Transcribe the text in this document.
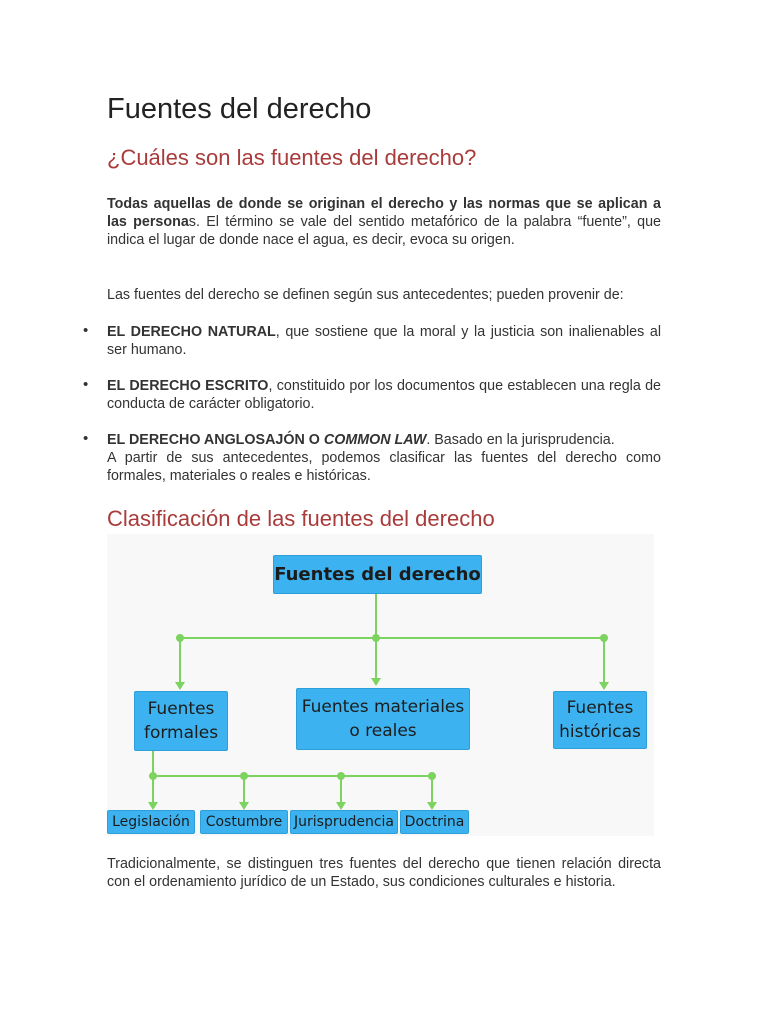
Fuentes del derecho
¿Cuáles son las fuentes del derecho?

Todas aquellas de donde se originan el derecho y las normas que se aplican a las personas. El término se vale del sentido metafórico de la palabra “fuente”, que indica el lugar de donde nace el agua, es decir, evoca su origen.

Las fuentes del derecho se definen según sus antecedentes; pueden provenir de:

• EL DERECHO NATURAL, que sostiene que la moral y la justicia son inalienables al ser humano.

• EL DERECHO ESCRITO, constituido por los documentos que establecen una regla de conducta de carácter obligatorio.

• EL DERECHO ANGLOSAJÓN O COMMON LAW. Basado en la jurisprudencia.
A partir de sus antecedentes, podemos clasificar las fuentes del derecho como formales, materiales o reales e históricas.

Clasificación de las fuentes del derecho
Fuentes del derecho
Fuentes formales
Fuentes materiales o reales
Fuentes históricas
Legislación	Costumbre Jurisprudencia Doctrina

Tradicionalmente, se distinguen tres fuentes del derecho que tienen relación directa con el ordenamiento jurídico de un Estado, sus condiciones culturales e historia.
